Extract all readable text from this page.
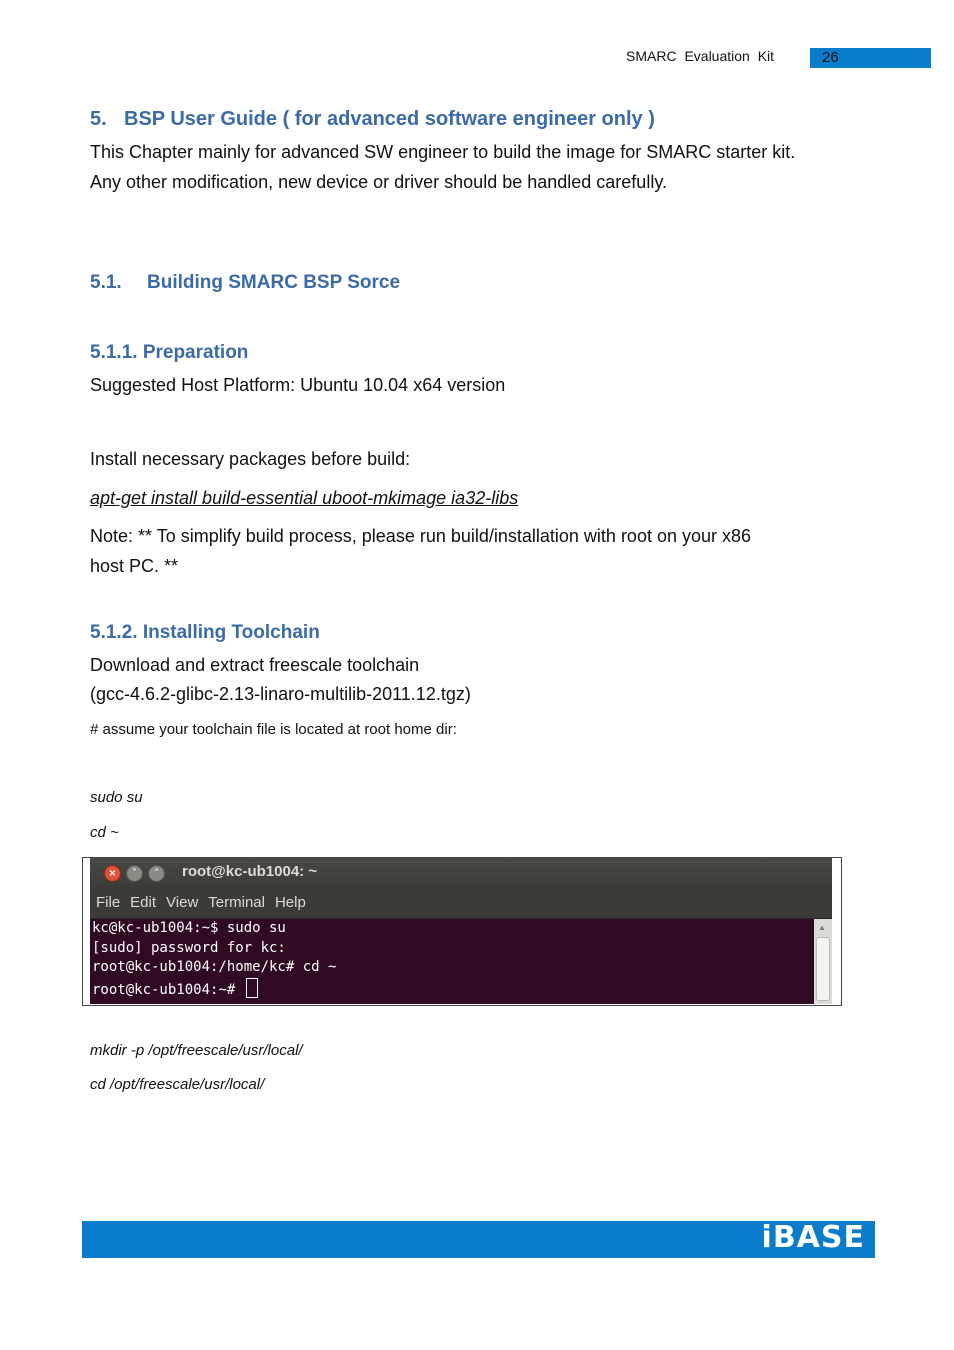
SMARC Evaluation Kit	26
5. BSP User Guide ( for advanced software engineer only )
This Chapter mainly for advanced SW engineer to build the image for SMARC starter kit.
Any other modification, new device or driver should be handled carefully.
5.1. Building SMARC BSP Sorce
5.1.1. Preparation
Suggested Host Platform: Ubuntu 10.04 x64 version
Install necessary packages before build:
apt-get install build-essential uboot-mkimage ia32-libs
Note: ** To simplify build process, please run build/installation with root on your x86
host PC. **
5.1.2. Installing Toolchain
Download and extract freescale toolchain
(gcc-4.6.2-glibc-2.13-linaro-multilib-2011.12.tgz)
# assume your toolchain file is located at root home dir:
sudo su
cd ~
×	˅	˄	root@kc-ub1004: ~
File Edit View Terminal Help
kc@kc-ub1004:~$ sudo su
[sudo] password for kc:
root@kc-ub1004:/home/kc# cd ~
root@kc-ub1004:~#
▲
mkdir -p /opt/freescale/usr/local/
cd /opt/freescale/usr/local/
iBASE
